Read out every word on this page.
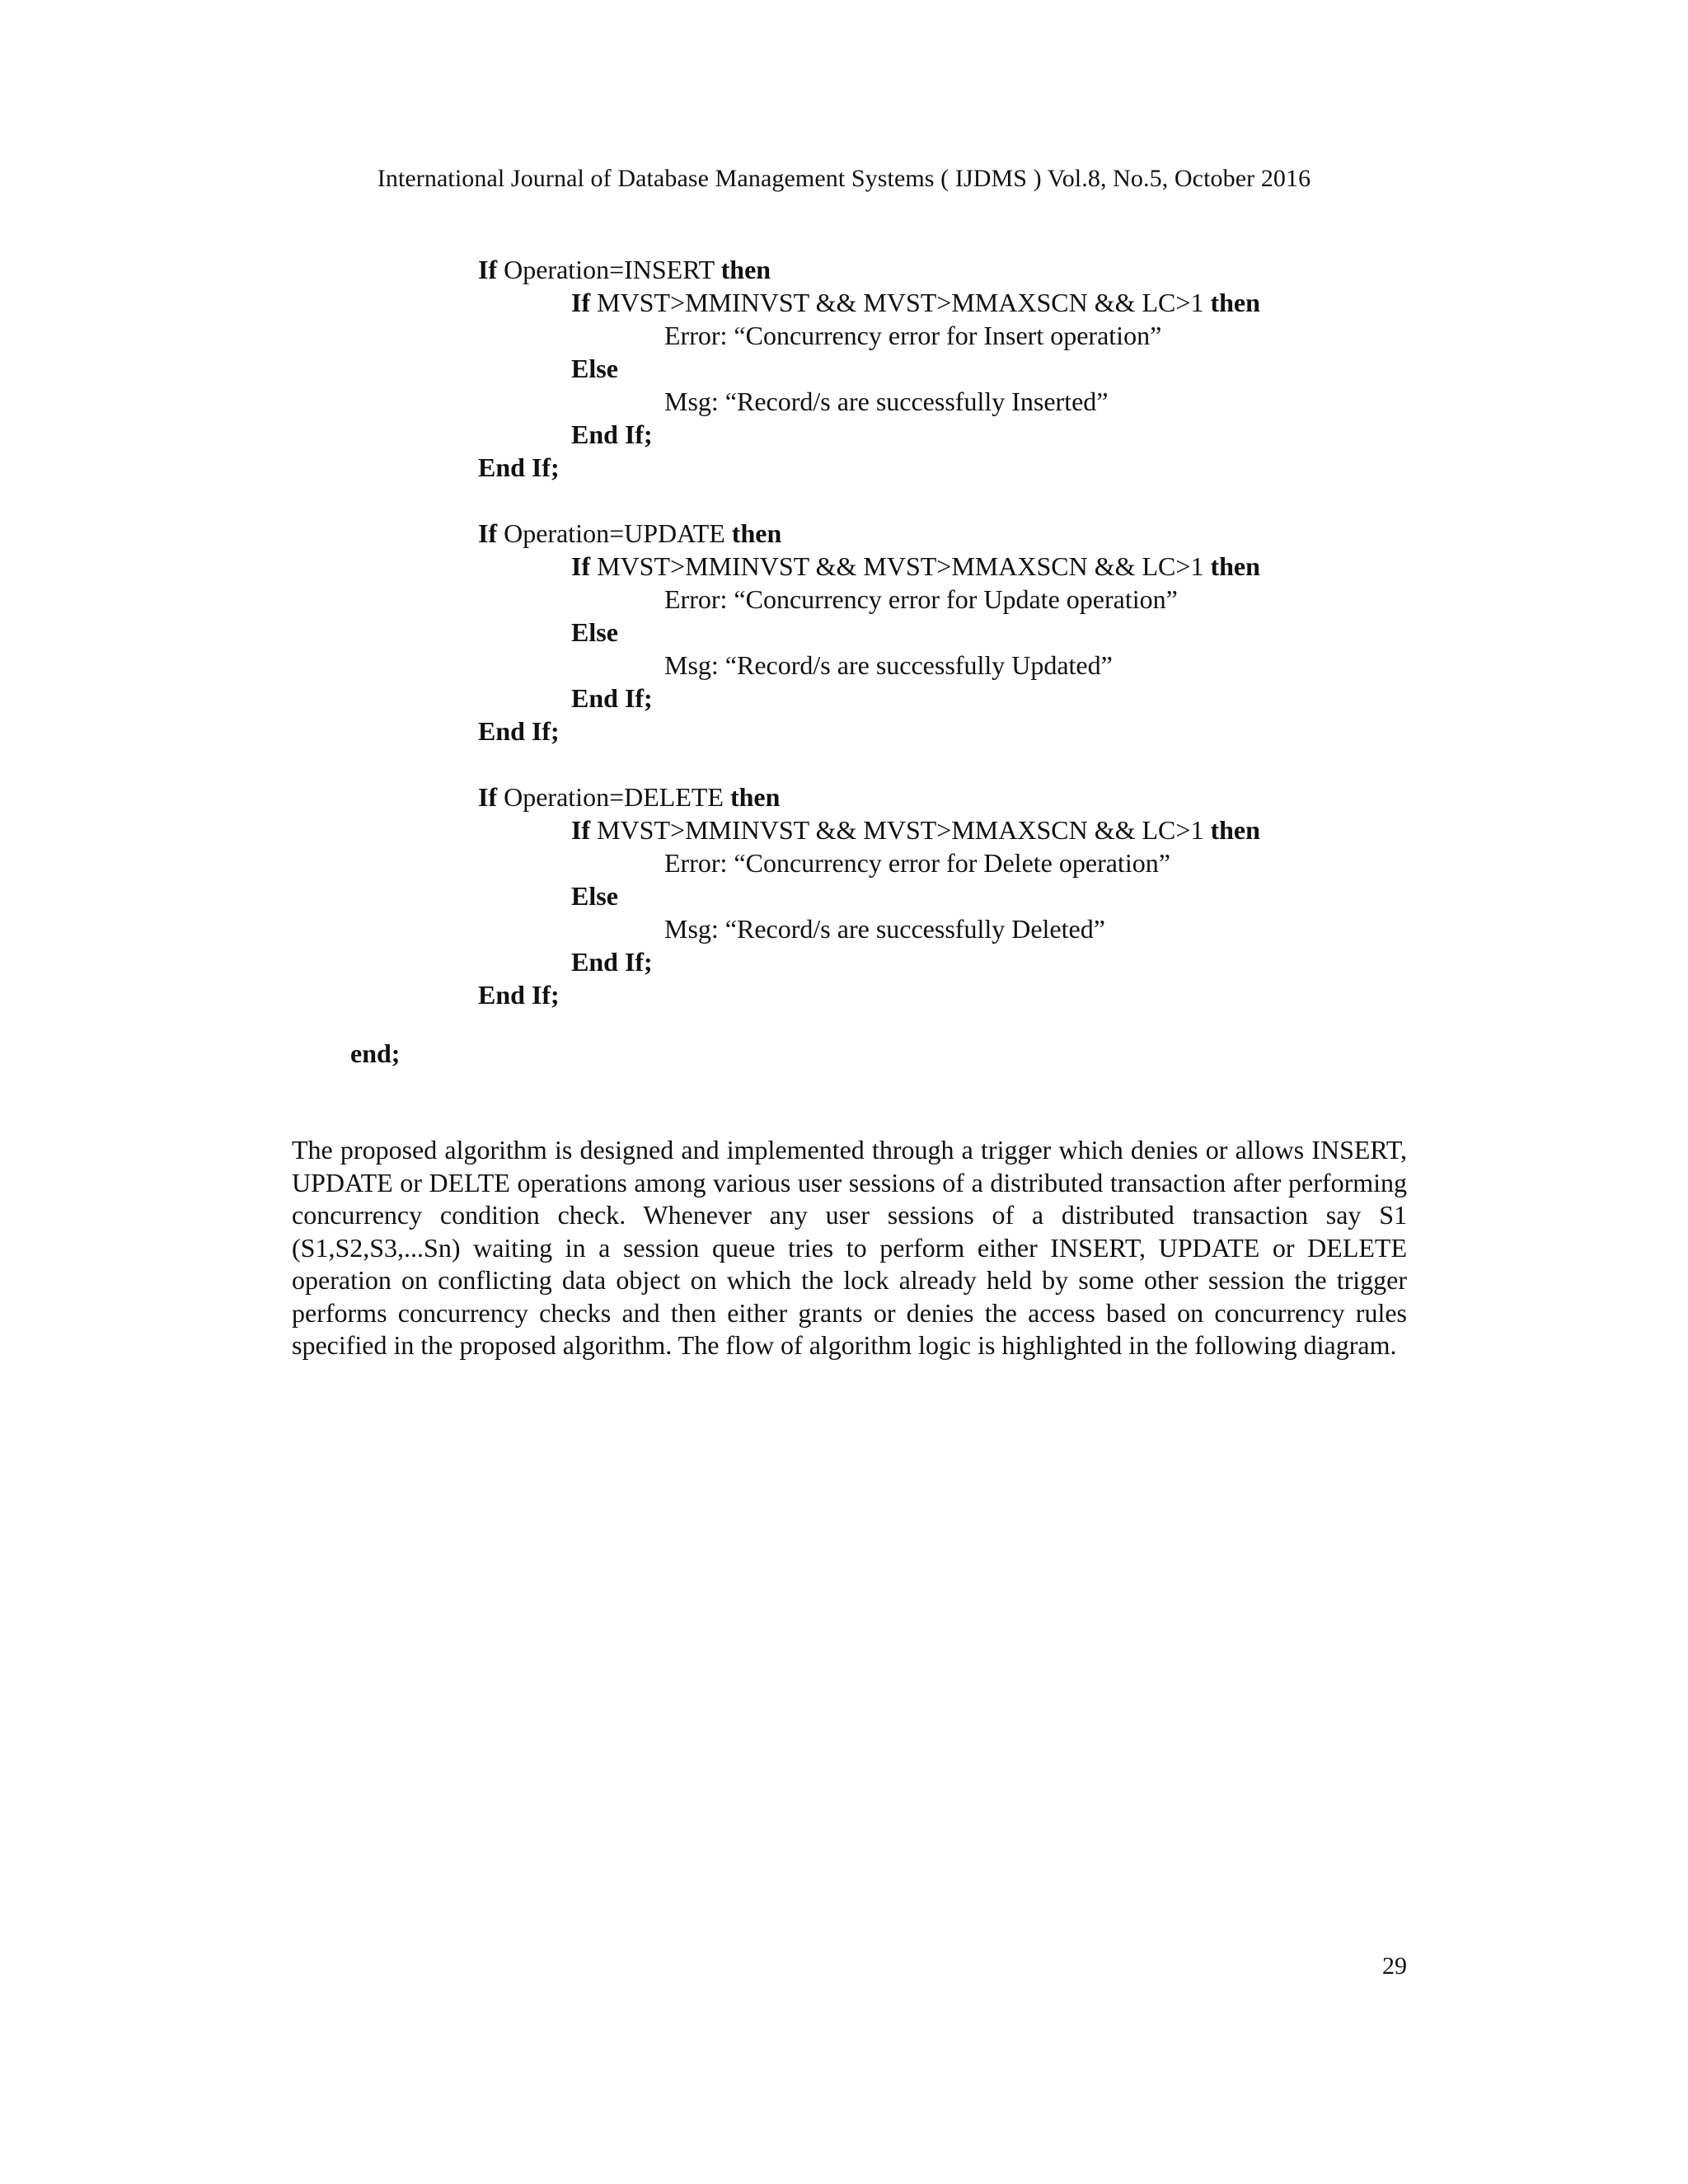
International Journal of Database Management Systems ( IJDMS ) Vol.8, No.5, October 2016
If Operation=INSERT then
If MVST>MMINVST && MVST>MMAXSCN && LC>1 then
Error: “Concurrency error for Insert operation”
Else
Msg: “Record/s are successfully Inserted”
End If;
End If;
If Operation=UPDATE then
If MVST>MMINVST && MVST>MMAXSCN && LC>1 then
Error: “Concurrency error for Update operation”
Else
Msg: “Record/s are successfully Updated”
End If;
End If;
If Operation=DELETE then
If MVST>MMINVST && MVST>MMAXSCN && LC>1 then
Error: “Concurrency error for Delete operation”
Else
Msg: “Record/s are successfully Deleted”
End If;
End If;
end;

The proposed algorithm is designed and implemented through a trigger which denies or allows INSERT, UPDATE or DELTE operations among various user sessions of a distributed transaction after performing concurrency condition check. Whenever any user sessions of a distributed transaction say S1 (S1,S2,S3,...Sn) waiting in a session queue tries to perform either INSERT, UPDATE or DELETE operation on conflicting data object on which the lock already held by some other session the trigger performs concurrency checks and then either grants or denies the access based on concurrency rules specified in the proposed algorithm. The flow of algorithm logic is highlighted in the following diagram.

29
